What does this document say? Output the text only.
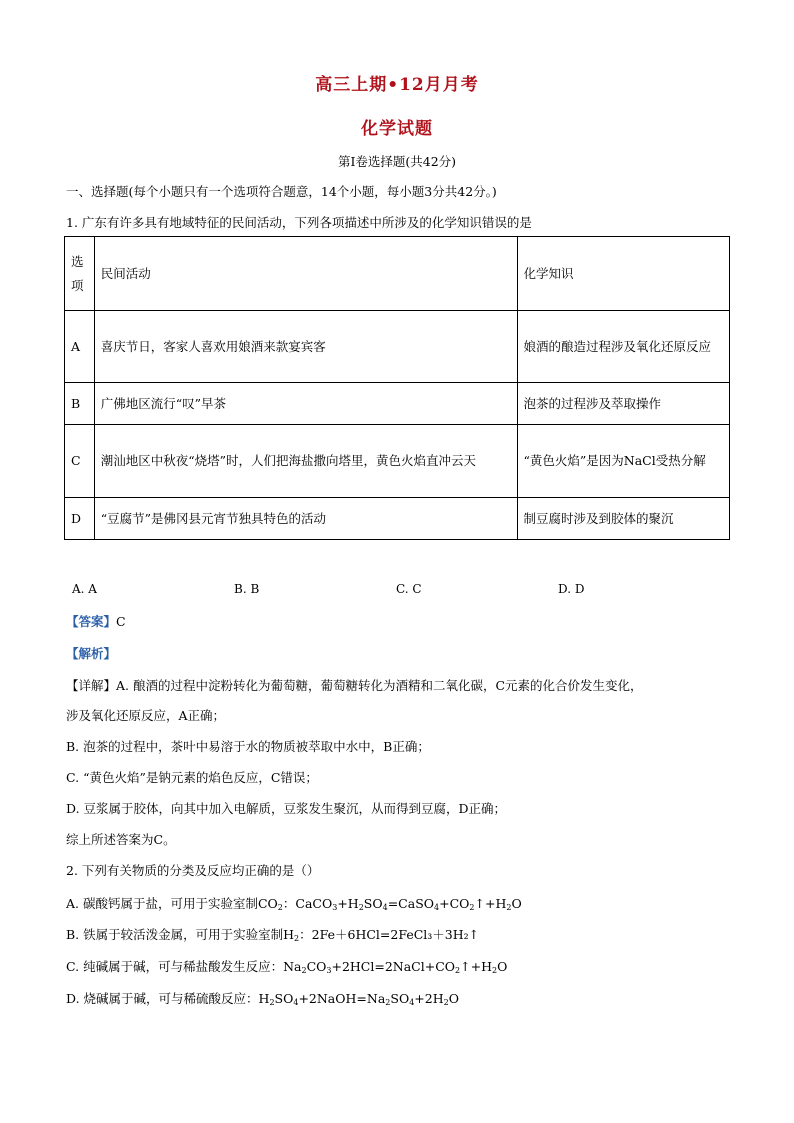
高三上期•12月月考
化学试题
第Ⅰ卷选择题(共42分)
一、选择题(每个小题只有一个选项符合题意，14个小题，每小题3分共42分。)
1. 广东有许多具有地域特征的民间活动，下列各项描述中所涉及的化学知识错误的是
选项	民间活动	化学知识
A	喜庆节日，客家人喜欢用娘酒来款宴宾客	娘酒的酿造过程涉及氧化还原反应
B	广佛地区流行“叹”早茶	泡茶的过程涉及萃取操作
C	潮汕地区中秋夜“烧塔”时，人们把海盐撒向塔里，黄色火焰直冲云天	“黄色火焰”是因为NaCl受热分解
D	“豆腐节”是佛冈县元宵节独具特色的活动	制豆腐时涉及到胶体的聚沉
A. A	B. B	C. C	D. D
【答案】C
【解析】
【详解】A. 酿酒的过程中淀粉转化为葡萄糖，葡萄糖转化为酒精和二氧化碳，C元素的化合价发生变化，
涉及氧化还原反应，A正确；
B. 泡茶的过程中，茶叶中易溶于水的物质被萃取中水中，B正确；
C. “黄色火焰”是钠元素的焰色反应，C错误；
D. 豆浆属于胶体，向其中加入电解质，豆浆发生聚沉，从而得到豆腐，D正确；
综上所述答案为C。
2. 下列有关物质的分类及反应均正确的是（）
A. 碳酸钙属于盐，可用于实验室制$CO_2$：$CaCO_3+H_2SO_4=CaSO_4+CO_2↑+H_2O$
B. 铁属于较活泼金属，可用于实验室制$H_2$：2Fe＋6HCl=2FeCl₃＋3H₂↑
C. 纯碱属于碱，可与稀盐酸发生反应：$Na_2CO_3+2HCl=2NaCl+CO_2↑+H_2O$
D. 烧碱属于碱，可与稀硫酸反应：$H_2SO_4+2NaOH=Na_2SO_4+2H_2O$
